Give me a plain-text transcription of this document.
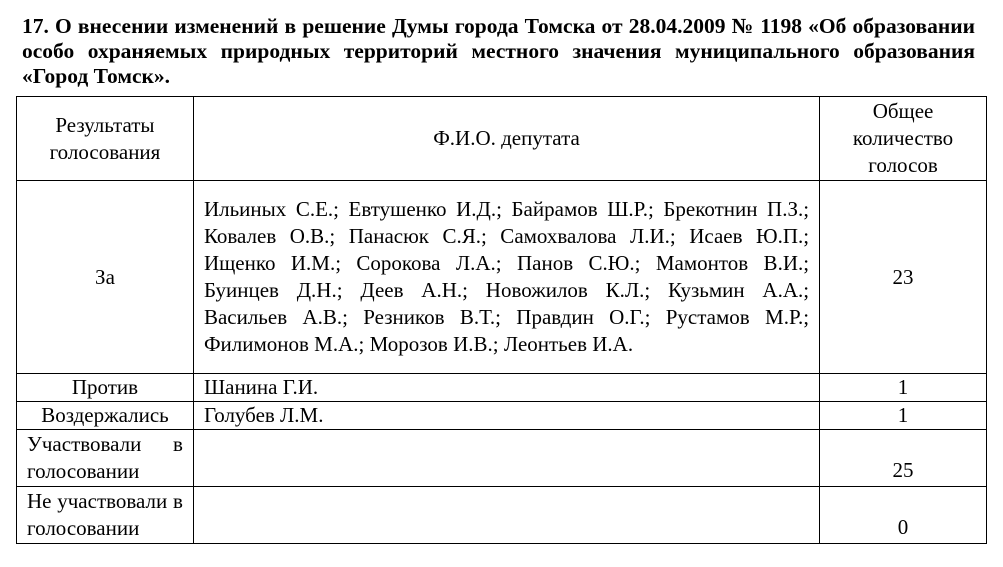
17. О внесении изменений в решение Думы города Томска от 28.04.2009 № 1198 «Об образовании особо охраняемых природных территорий местного значения муниципального образования «Город Томск».
Результаты голосования	Ф.И.О. депутата	Общее количество голосов
За	Ильиных С.Е.; Евтушенко И.Д.; Байрамов Ш.Р.; Брекотнин П.З.; Ковалев О.В.; Панасюк С.Я.; Самохвалова Л.И.; Исаев Ю.П.; Ищенко И.М.; Сорокова Л.А.; Панов С.Ю.; Мамонтов В.И.; Буинцев Д.Н.; Деев А.Н.; Новожилов К.Л.; Кузьмин А.А.; Васильев А.В.; Резников В.Т.; Правдин О.Г.; Рустамов М.Р.; Филимонов М.А.; Морозов И.В.; Леонтьев И.А.	23
Против	Шанина Г.И.	1
Воздержались	Голубев Л.М.	1
Участвовали в голосовании		25
Не участвовали в голосовании		0
